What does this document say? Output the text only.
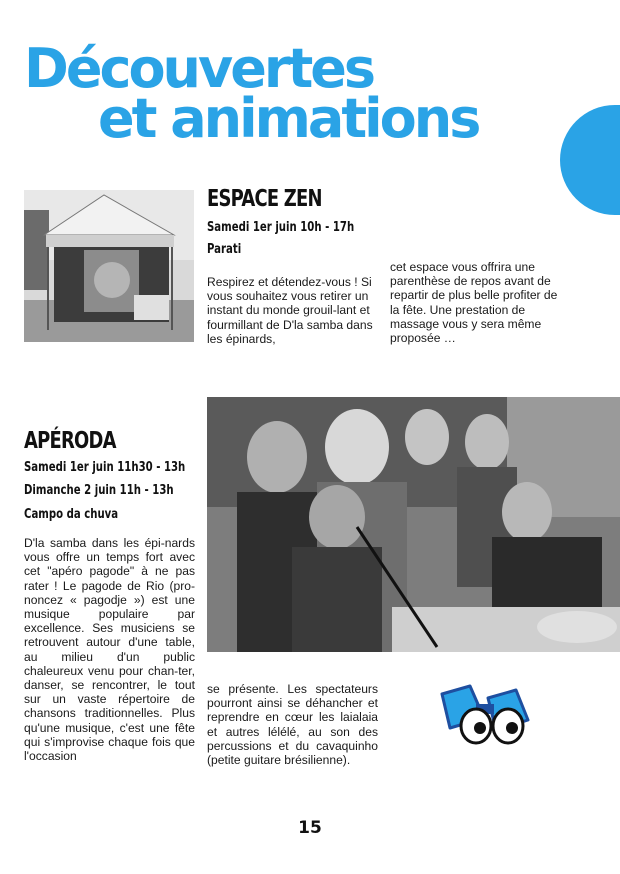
Découvertes
et animations
ESPACE ZEN
Samedi 1er juin 10h - 17h
Parati
Respirez et détendez-vous ! Si vous souhaitez vous retirer un instant du monde grouil-lant et fourmillant de D'la samba dans les épinards,
cet espace vous offrira une parenthèse de repos avant de repartir de plus belle profiter de la fête. Une prestation de massage vous y sera même proposée …
APÉRODA
Samedi 1er juin 11h30 - 13h
Dimanche 2 juin 11h - 13h
Campo da chuva
D'la samba dans les épi-nards vous offre un temps fort avec cet "apéro pagode" à ne pas rater ! Le pagode de Rio (pro-noncez « pagodje ») est une musique populaire par excellence. Ses musiciens se retrouvent autour d'une table, au milieu d'un public chaleureux venu pour chan-ter, danser, se rencontrer, le tout sur un vaste répertoire de chansons traditionnelles. Plus qu'une musique, c'est une fête qui s'improvise chaque fois que l'occasion
se présente. Les spectateurs pourront ainsi se déhancher et reprendre en cœur les laialaia et autres lélélé, au son des percussions et du cavaquinho (petite guitare brésilienne).
15
